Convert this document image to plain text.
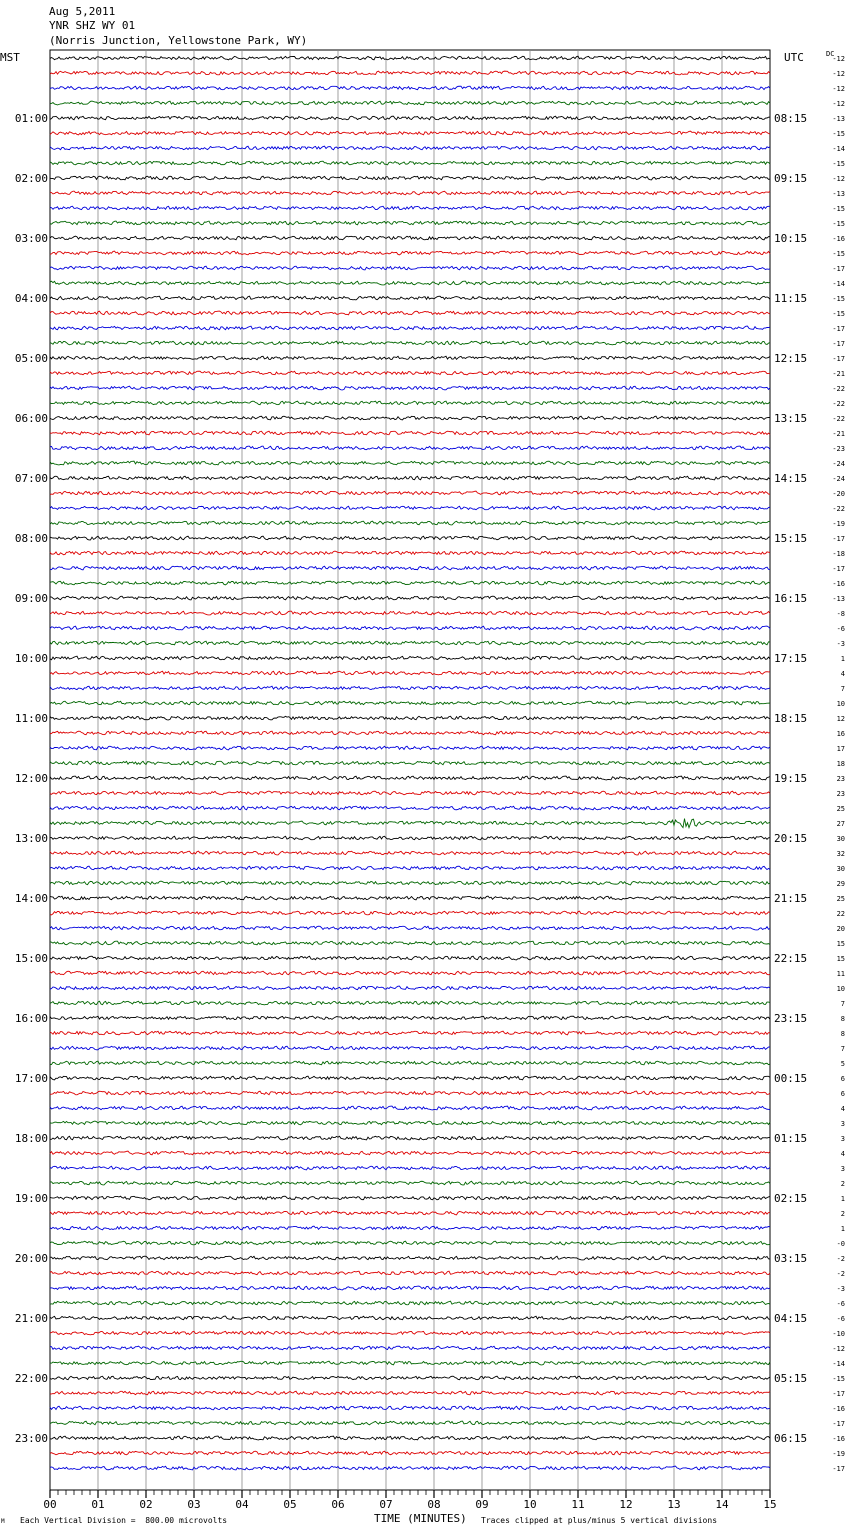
Aug 5,2011
YNR SHZ WY 01
(Norris Junction, Yellowstone Park, WY)
MST	UTC	DC
-12
-12
-12
-12
-13
-15
-14
-15
-12
-13
-15
-15
-16
-15
-17
-14
-15
-15
-17
-17
-17
-21
-22
-22
-22
-21
-23
-24
-24
-20
-22
-19
-17
-18
-17
-16
-13
-8
-6
-3
1
4
7
10
12
16
17
18
23
23
25
27
30
32
30
29
25
22
20
15
15
11
10
7
8
8
7
5
6
6
4
3
3
4
3
2
1
2
1
-0
-2
-2
-3
-6
-6
-10
-12
-14
-15
-17
-16
-17
-16
-19
-17
01:00
02:00
03:00
04:00
05:00
06:00
07:00
08:00
09:00
10:00
11:00
12:00
13:00
14:00
15:00
16:00
17:00
18:00
19:00
20:00
21:00
22:00
23:00
08:15
09:15
10:15
11:15
12:15
13:15
14:15
15:15
16:15
17:15
18:15
19:15
20:15
21:15
22:15
23:15
00:15
01:15
02:15
03:15
04:15
05:15
06:15
00	01	02	03	04	05	06	07	08	09	10	11	12	13	14	15
TIME (MINUTES)
M Each Vertical Division =  800.00 microvolts	Traces clipped at plus/minus 5 vertical divisions
